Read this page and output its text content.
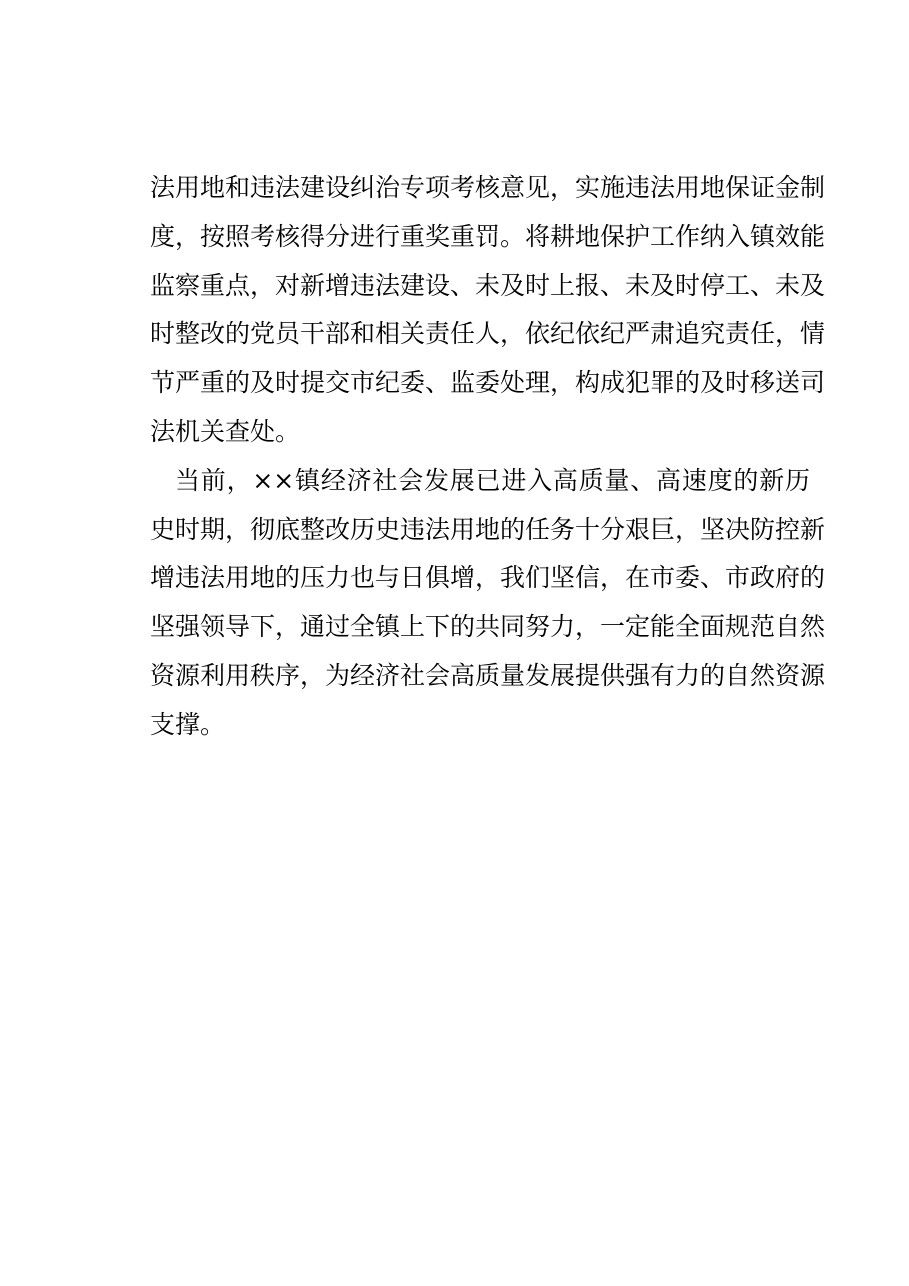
法用地和违法建设纠治专项考核意见，实施违法用地保证金制
度，按照考核得分进行重奖重罚。将耕地保护工作纳入镇效能
监察重点，对新增违法建设、未及时上报、未及时停工、未及
时整改的党员干部和相关责任人，依纪依纪严肃追究责任，情
节严重的及时提交市纪委、监委处理，构成犯罪的及时移送司
法机关查处。
当前，××镇经济社会发展已进入高质量、高速度的新历
史时期，彻底整改历史违法用地的任务十分艰巨，坚决防控新
增违法用地的压力也与日俱增，我们坚信，在市委、市政府的
坚强领导下，通过全镇上下的共同努力，一定能全面规范自然
资源利用秩序，为经济社会高质量发展提供强有力的自然资源
支撑。
